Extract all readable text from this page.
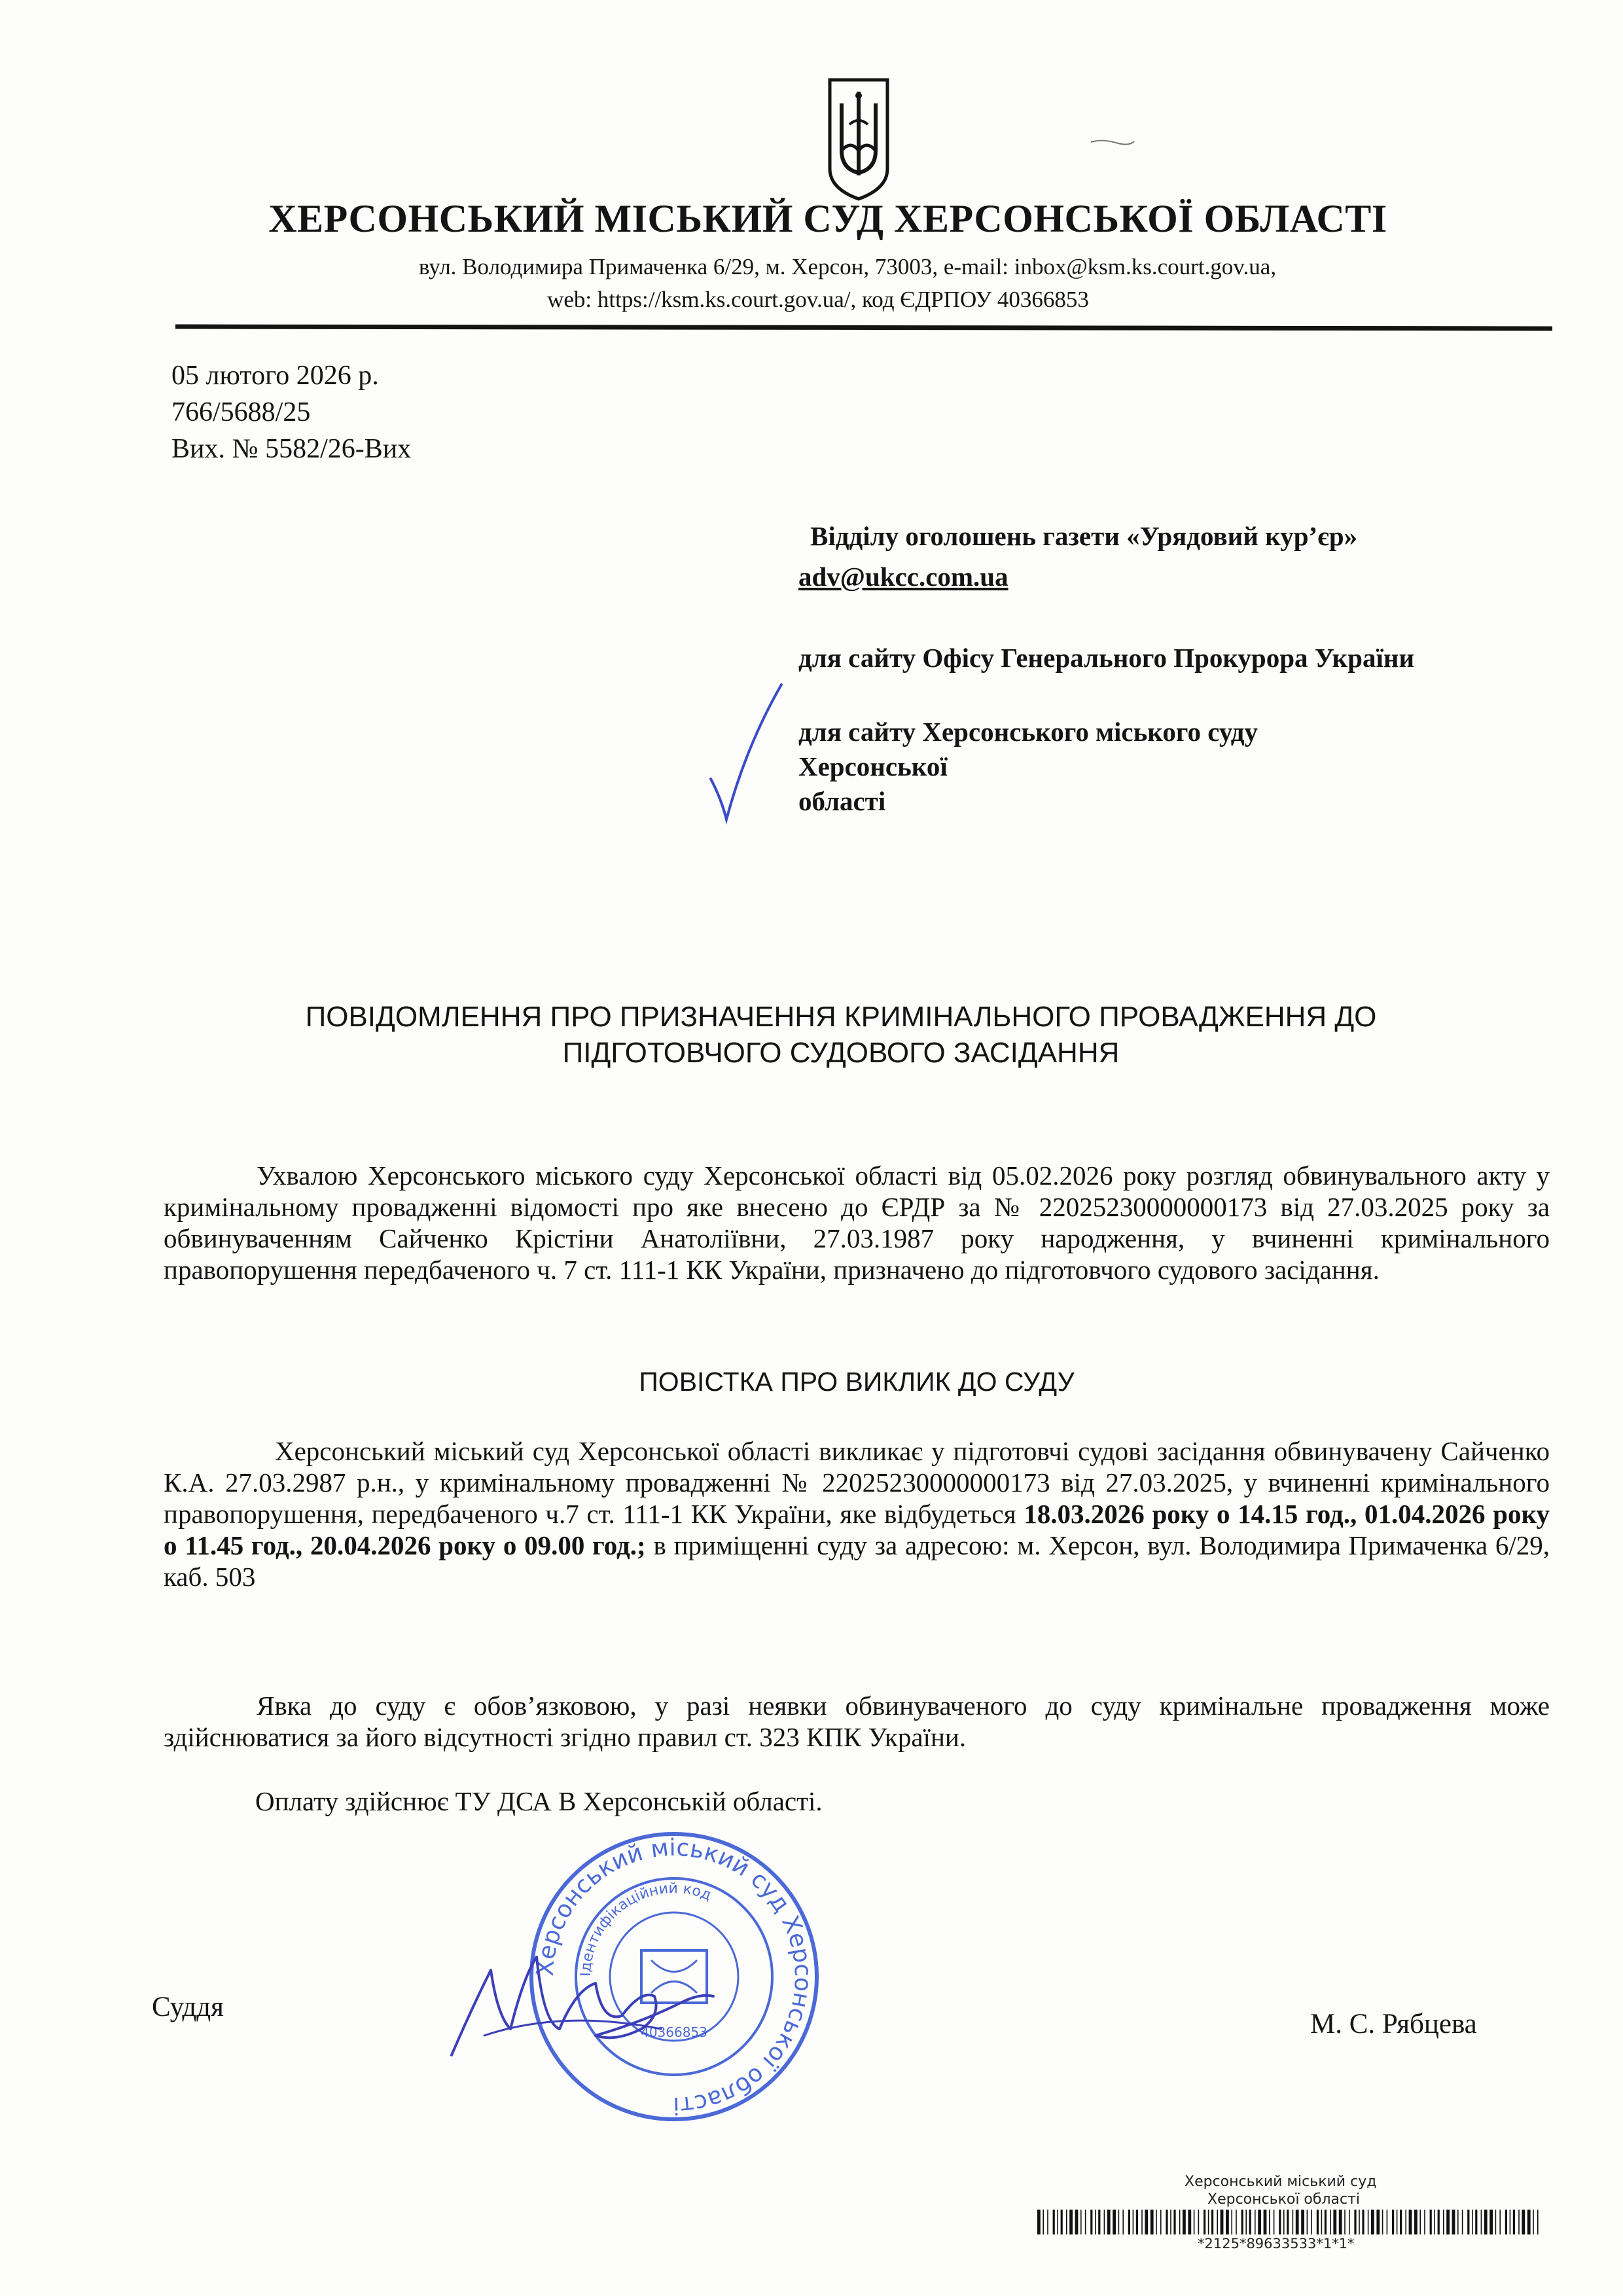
ХЕРСОНСЬКИЙ МІСЬКИЙ СУД ХЕРСОНСЬКОЇ ОБЛАСТІ
вул. Володимира Примаченка 6/29, м. Херсон, 73003, e-mail: inbox@ksm.ks.court.gov.ua,
web: https://ksm.ks.court.gov.ua/, код ЄДРПОУ 40366853
05 лютого 2026 р.
766/5688/25
Вих. № 5582/26-Вих
Відділу оголошень газети «Урядовий кур’єр»
adv@ukcc.com.ua
для сайту Офісу Генерального Прокурора України
для сайту Херсонського міського суду
Херсонської
області
ПОВІДОМЛЕННЯ ПРО ПРИЗНАЧЕННЯ КРИМІНАЛЬНОГО ПРОВАДЖЕННЯ ДО
ПІДГОТОВЧОГО СУДОВОГО ЗАСІДАННЯ
Ухвалою Херсонського міського суду Херсонської області від 05.02.2026 року розгляд обвинувального акту у кримінальному провадженні відомості про яке внесено до ЄРДР за № 22025230000000173 від 27.03.2025 року за обвинуваченням Сайченко Крістіни Анатоліївни, 27.03.1987 року народження, у вчиненні кримінального правопорушення передбаченого ч. 7 ст. 111-1 КК України, призначено до підготовчого судового засідання.
ПОВІСТКА ПРО ВИКЛИК ДО СУДУ
Херсонський міський суд Херсонської області викликає у підготовчі судові засідання обвинувачену Сайченко К.А. 27.03.2987 р.н., у кримінальному провадженні № 22025230000000173 від 27.03.2025, у вчиненні кримінального правопорушення, передбаченого ч.7 ст. 111-1 КК України, яке відбудеться 18.03.2026 року о 14.15 год., 01.04.2026 року о 11.45 год., 20.04.2026 року о 09.00 год.; в приміщенні суду за адресою: м. Херсон, вул. Володимира Примаченка 6/29, каб. 503
Явка до суду є обов’язковою, у разі неявки обвинуваченого до суду кримінальне провадження може здійснюватися за його відсутності згідно правил ст. 323 КПК України.
Оплату здійснює ТУ ДСА В Херсонській області.
Суддя
М. С. Рябцева
Херсонський міський суд Херсонської області
Ідентифікаційний код
40366853
Херсонський міський суд
Херсонської області
*2125*89633533*1*1*
